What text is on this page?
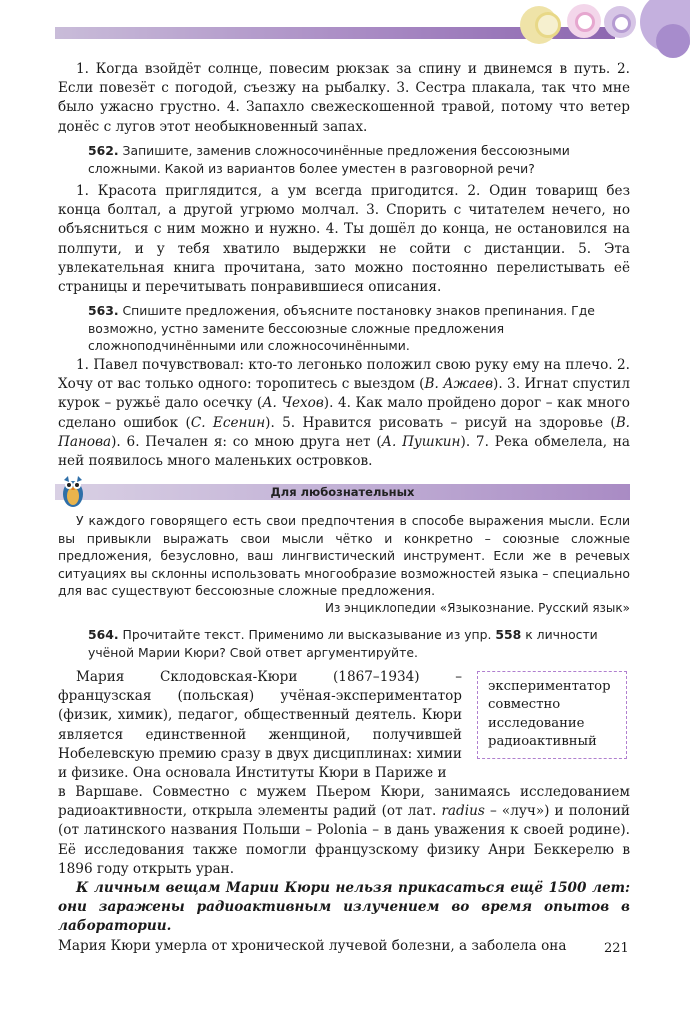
1. Когда взойдёт солнце, повесим рюкзак за спину и двинемся в путь. 2. Если повезёт с погодой, съезжу на рыбалку. 3. Сестра плакала, так что мне было ужасно грустно. 4. Запахло свежескошенной травой, потому что ветер донёс с лугов этот необыкновенный запах.
562. Запишите, заменив сложносочинённые предложения бессоюзными сложными. Какой из вариантов более уместен в разговорной речи?
1. Красота приглядится, а ум всегда пригодится. 2. Один товарищ без конца болтал, а другой угрюмо молчал. 3. Спорить с читателем нечего, но объясниться с ним можно и нужно. 4. Ты дошёл до конца, не остановился на полпути, и у тебя хватило выдержки не сойти с дистанции. 5. Эта увлекательная книга прочитана, зато можно постоянно перелистывать её страницы и перечитывать понравившиеся описания.
563. Спишите предложения, объясните постановку знаков препинания. Где возможно, устно замените бессоюзные сложные предложения сложноподчинёнными или сложносочинёнными.
1. Павел почувствовал: кто-то легонько положил свою руку ему на плечо. 2. Хочу от вас только одного: торопитесь с выездом (В. Ажаев). 3. Игнат спустил курок – ружьё дало осечку (А. Чехов). 4. Как мало пройдено дорог – как много сделано ошибок (С. Есенин). 5. Нравится рисовать – рисуй на здоровье (В. Панова). 6. Печален я: со мною друга нет (А. Пушкин). 7. Река обмелела, на ней появилось много маленьких островков.
Для любознательных
У каждого говорящего есть свои предпочтения в способе выражения мысли. Если вы привыкли выражать свои мысли чётко и конкретно – союзные сложные предложения, безусловно, ваш лингвистический инструмент. Если же в речевых ситуациях вы склонны использовать многообразие возможностей языка – специально для вас существуют бессоюзные сложные предложения.
Из энциклопедии «Языкознание. Русский язык»
564. Прочитайте текст. Применимо ли высказывание из упр. 558 к личности учёной Марии Кюри? Свой ответ аргументируйте.
Мария Склодовская-Кюри (1867–1934) – французская (польская) учёная-экспериментатор (физик, химик), педагог, общественный деятель. Кюри является единственной женщиной, получившей Нобелевскую премию сразу в двух дисциплинах: химии и физике. Она основала Институты Кюри в Париже и
экспериментатор
совместно
исследование
радиоактивный
в Варшаве. Совместно с мужем Пьером Кюри, занимаясь исследованием радиоактивности, открыла элементы радий (от лат. radius – «луч») и полоний (от латинского названия Польши – Polonia – в дань уважения к своей родине). Её исследования также помогли французскому физику Анри Беккерелю в 1896 году открыть уран.
К личным вещам Марии Кюри нельзя прикасаться ещё 1500 лет: они заражены радиоактивным излучением во время опытов в лаборатории.
Мария Кюри умерла от хронической лучевой болезни, а заболела она	221
